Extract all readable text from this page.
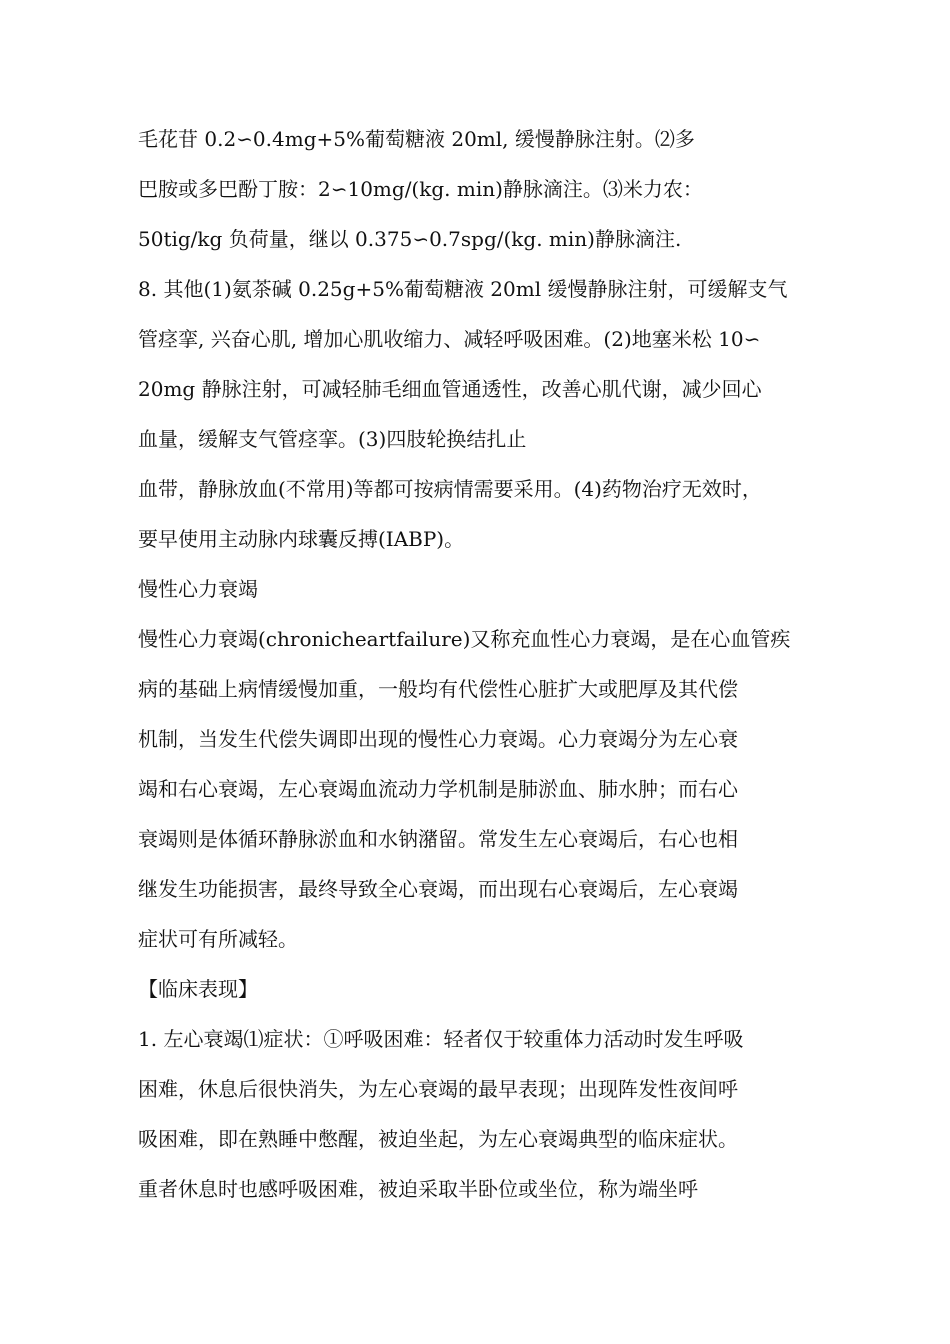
毛花苷 0.2∽0.4mg+5%葡萄糖液 20ml, 缓慢静脉注射。⑵多

巴胺或多巴酚丁胺：2∽10mg/(kg. min)静脉滴注。⑶米力农：

50tig/kg 负荷量，继以 0.375∽0.7spg/(kg. min)静脉滴注.

8. 其他(1)氨茶碱 0.25g+5%葡萄糖液 20ml 缓慢静脉注射，可缓解支气

管痉挛, 兴奋心肌, 增加心肌收缩力、减轻呼吸困难。(2)地塞米松 10∽

20mg 静脉注射，可减轻肺毛细血管通透性，改善心肌代谢，减少回心

血量，缓解支气管痉挛。(3)四肢轮换结扎止

血带，静脉放血(不常用)等都可按病情需要采用。(4)药物治疗无效时，

要早使用主动脉内球囊反搏(IABP)。

慢性心力衰竭

慢性心力衰竭(chronicheartfailure)又称充血性心力衰竭，是在心血管疾

病的基础上病情缓慢加重，一般均有代偿性心脏扩大或肥厚及其代偿

机制，当发生代偿失调即出现的慢性心力衰竭。心力衰竭分为左心衰

竭和右心衰竭，左心衰竭血流动力学机制是肺淤血、肺水肿；而右心

衰竭则是体循环静脉淤血和水钠潴留。常发生左心衰竭后，右心也相

继发生功能损害，最终导致全心衰竭，而出现右心衰竭后，左心衰竭

症状可有所减轻。

【临床表现】

1. 左心衰竭⑴症状：①呼吸困难：轻者仅于较重体力活动时发生呼吸

困难，休息后很快消失，为左心衰竭的最早表现；出现阵发性夜间呼

吸困难，即在熟睡中憋醒，被迫坐起，为左心衰竭典型的临床症状。

重者休息时也感呼吸困难，被迫采取半卧位或坐位，称为端坐呼
